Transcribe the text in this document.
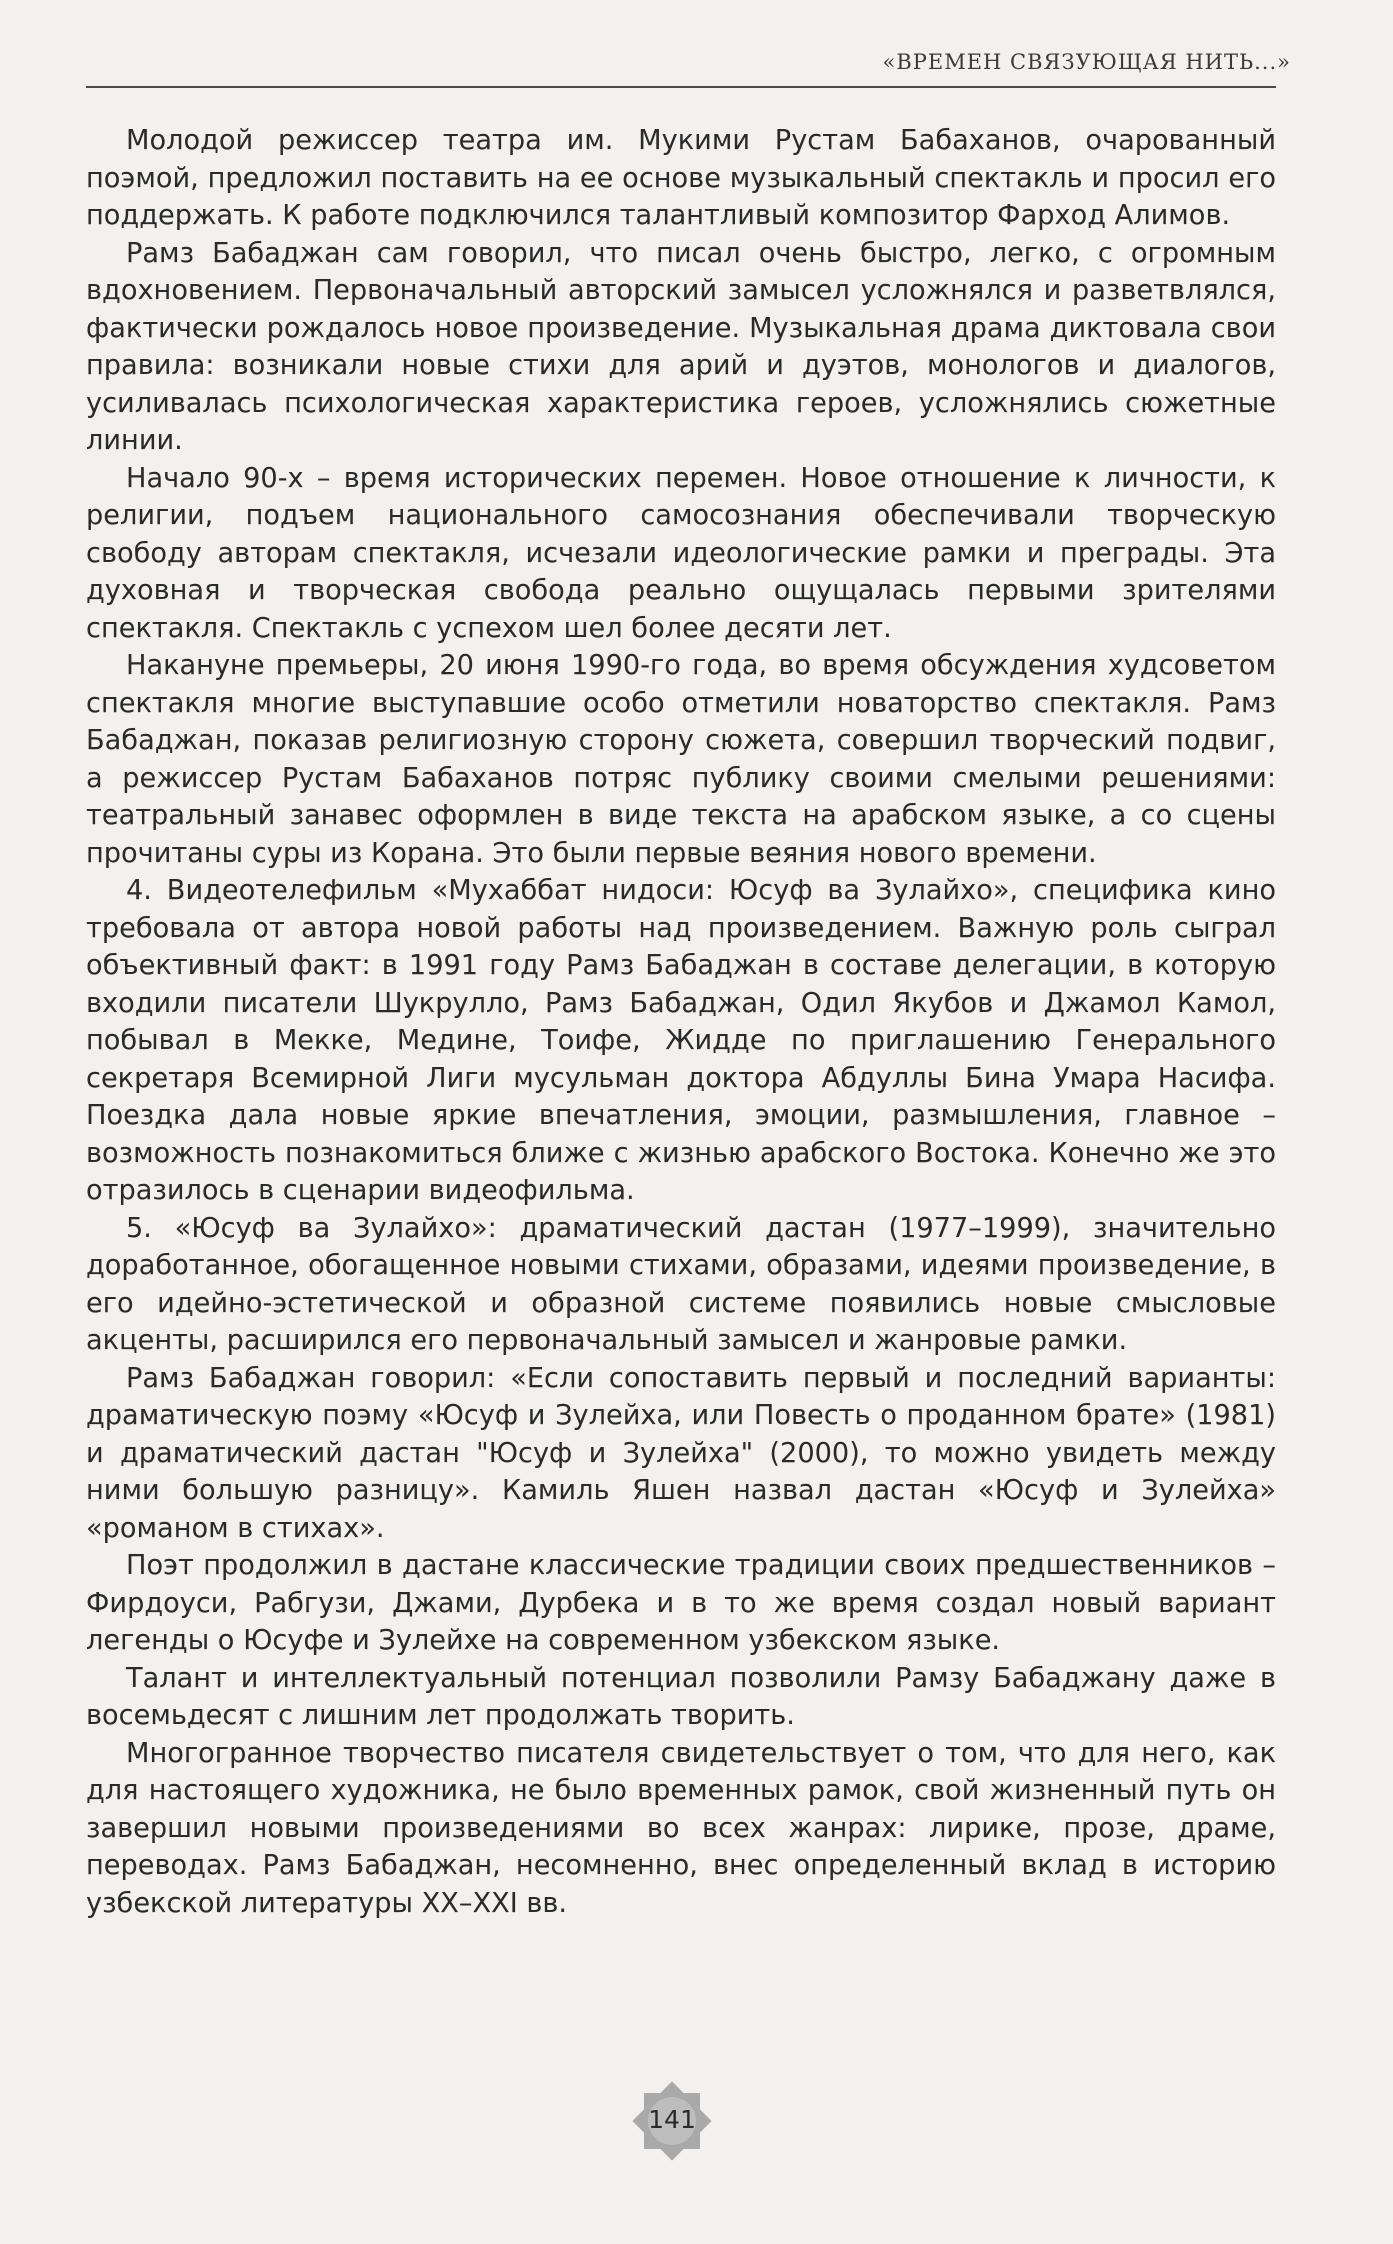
«ВРЕМЕН СВЯЗУЮЩАЯ НИТЬ...»

Молодой режиссер театра им. Мукими Рустам Бабаханов, очарованный поэмой, предложил поставить на ее основе музыкальный спектакль и просил его поддержать. К работе подключился талантливый композитор Фарход Алимов.

Рамз Бабаджан сам говорил, что писал очень быстро, легко, с огромным вдохновением. Первоначальный авторский замысел усложнялся и разветвлялся, фактически рождалось новое произведение. Музыкальная драма диктовала свои правила: возникали новые стихи для арий и дуэтов, монологов и диалогов, усиливалась психологическая характеристика героев, усложнялись сюжетные линии.

Начало 90-х – время исторических перемен. Новое отношение к личности, к религии, подъем национального самосознания обеспечивали творческую свободу авторам спектакля, исчезали идеологические рамки и преграды. Эта духовная и творческая свобода реально ощущалась первыми зрителями спектакля. Спектакль с успехом шел более десяти лет.

Накануне премьеры, 20 июня 1990-го года, во время обсуждения худсоветом спектакля многие выступавшие особо отметили новаторство спектакля. Рамз Бабаджан, показав религиозную сторону сюжета, совершил творческий подвиг, а режиссер Рустам Бабаханов потряс публику своими смелыми решениями: театральный занавес оформлен в виде текста на арабском языке, а со сцены прочитаны суры из Корана. Это были первые веяния нового времени.

4. Видеотелефильм «Мухаббат нидоси: Юсуф ва Зулайхо», специфика кино требовала от автора новой работы над произведением. Важную роль сыграл объективный факт: в 1991 году Рамз Бабаджан в составе делегации, в которую входили писатели Шукрулло, Рамз Бабаджан, Одил Якубов и Джамол Камол, побывал в Мекке, Медине, Тоифе, Жидде по приглашению Генерального секретаря Всемирной Лиги мусульман доктора Абдуллы Бина Умара Насифа. Поездка дала новые яркие впечатления, эмоции, размышления, главное – возможность познакомиться ближе с жизнью арабского Востока. Конечно же это отразилось в сценарии видеофильма.

5. «Юсуф ва Зулайхо»: драматический дастан (1977–1999), значительно доработанное, обогащенное новыми стихами, образами, идеями произведение, в его идейно-эстетической и образной системе появились новые смысловые акценты, расширился его первоначальный замысел и жанровые рамки.

Рамз Бабаджан говорил: «Если сопоставить первый и последний варианты: драматическую поэму «Юсуф и Зулейха, или Повесть о проданном брате» (1981) и драматический дастан "Юсуф и Зулейха" (2000), то можно увидеть между ними большую разницу». Камиль Яшен назвал дастан «Юсуф и Зулейха» «романом в стихах».

Поэт продолжил в дастане классические традиции своих предшественников – Фирдоуси, Рабгузи, Джами, Дурбека и в то же время создал новый вариант легенды о Юсуфе и Зулейхе на современном узбекском языке.

Талант и интеллектуальный потенциал позволили Рамзу Бабаджану даже в восемьдесят с лишним лет продолжать творить.

Многогранное творчество писателя свидетельствует о том, что для него, как для настоящего художника, не было временных рамок, свой жизненный путь он завершил новыми произведениями во всех жанрах: лирике, прозе, драме, переводах. Рамз Бабаджан, несомненно, внес определенный вклад в историю узбекской литературы XX–XXI вв.

141
